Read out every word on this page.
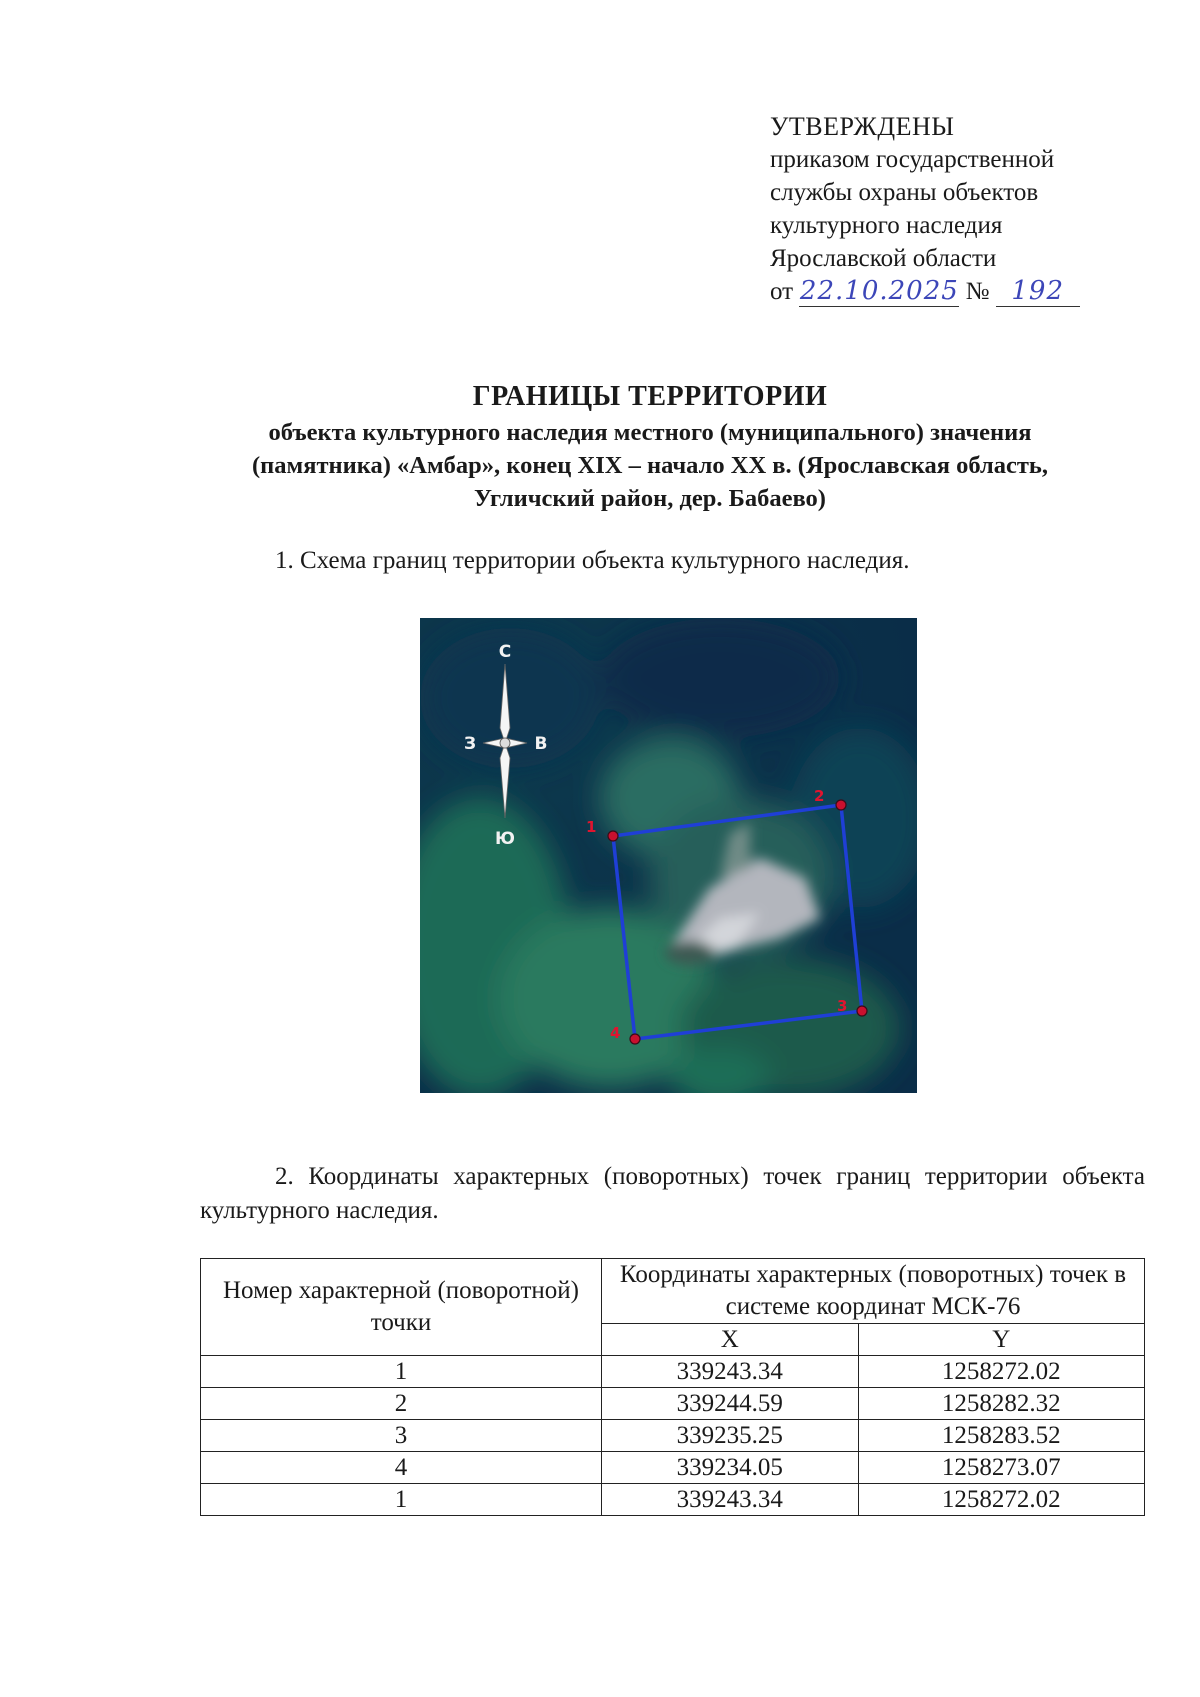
УТВЕРЖДЕНЫ
приказом государственной
службы охраны объектов
культурного наследия
Ярославской области
от 22.10.2025 № 192
ГРАНИЦЫ ТЕРРИТОРИИ
объекта культурного наследия местного (муниципального) значения
(памятника) «Амбар», конец XIX – начало XX в. (Ярославская область,
Угличский район, дер. Бабаево)
1. Схема границ территории объекта культурного наследия.
С
Ю
З	В
1
2
3
4
2. Координаты характерных (поворотных) точек границ территории объекта культурного наследия.
Номер характерной (поворотной) точки	Координаты характерных (поворотных) точек в системе координат МСК-76	
	X	Y
1	339243.34	1258272.02
2	339244.59	1258282.32
3	339235.25	1258283.52
4	339234.05	1258273.07
1	339243.34	1258272.02
